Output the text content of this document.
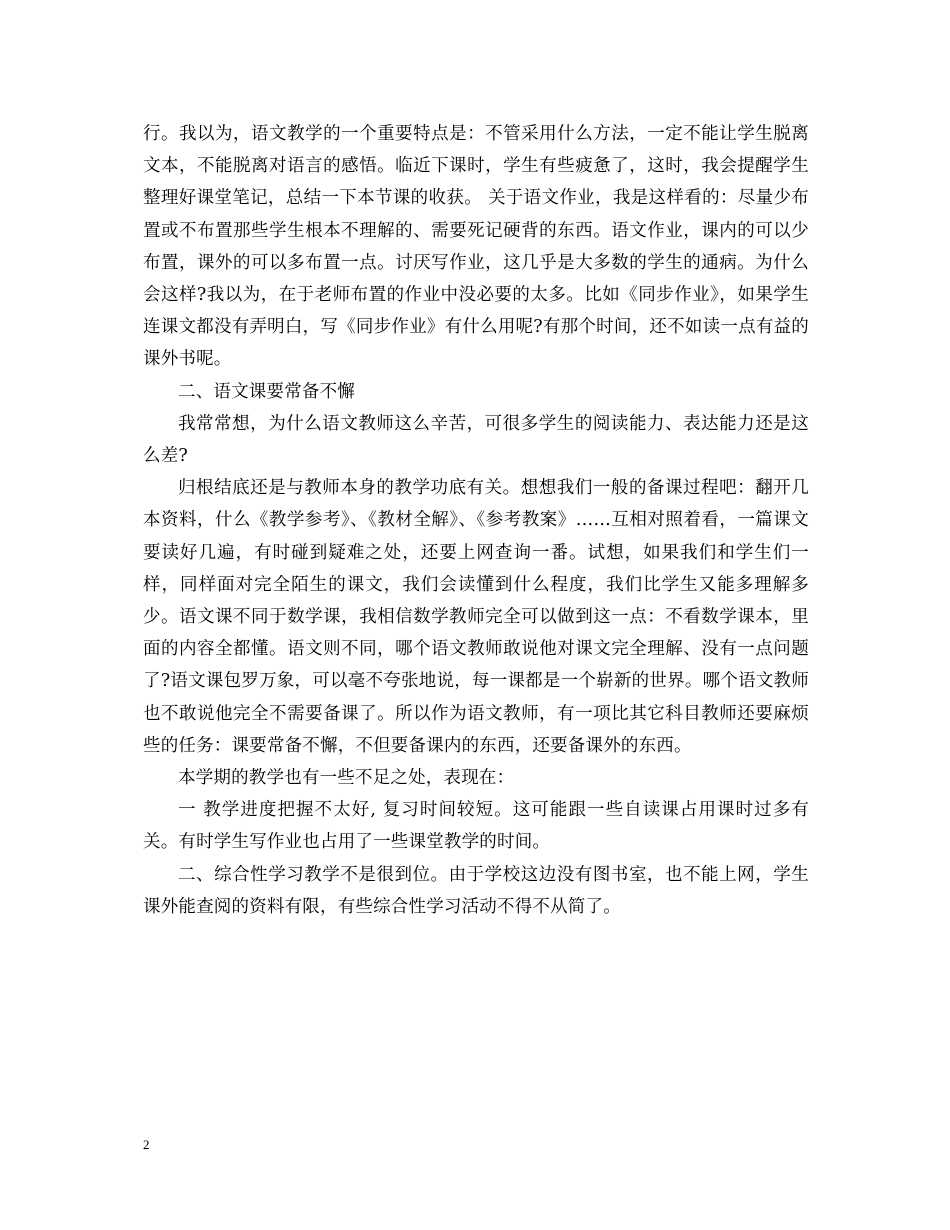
行。我以为，语文教学的一个重要特点是：不管采用什么方法，一定不能让学生脱离文本，不能脱离对语言的感悟。临近下课时，学生有些疲惫了，这时，我会提醒学生整理好课堂笔记，总结一下本节课的收获。 关于语文作业，我是这样看的：尽量少布置或不布置那些学生根本不理解的、需要死记硬背的东西。语文作业，课内的可以少布置，课外的可以多布置一点。讨厌写作业，这几乎是大多数的学生的通病。为什么会这样?我以为，在于老师布置的作业中没必要的太多。比如《同步作业》，如果学生连课文都没有弄明白，写《同步作业》有什么用呢?有那个时间，还不如读一点有益的课外书呢。

二、语文课要常备不懈

我常常想，为什么语文教师这么辛苦，可很多学生的阅读能力、表达能力还是这么差?

归根结底还是与教师本身的教学功底有关。想想我们一般的备课过程吧：翻开几本资料，什么《教学参考》、《教材全解》、《参考教案》……互相对照着看，一篇课文要读好几遍，有时碰到疑难之处，还要上网查询一番。试想，如果我们和学生们一样，同样面对完全陌生的课文，我们会读懂到什么程度，我们比学生又能多理解多少。语文课不同于数学课，我相信数学教师完全可以做到这一点：不看数学课本，里面的内容全都懂。语文则不同，哪个语文教师敢说他对课文完全理解、没有一点问题了?语文课包罗万象，可以毫不夸张地说，每一课都是一个崭新的世界。哪个语文教师也不敢说他完全不需要备课了。所以作为语文教师，有一项比其它科目教师还要麻烦些的任务：课要常备不懈，不但要备课内的东西，还要备课外的东西。

本学期的教学也有一些不足之处，表现在：

一 教学进度把握不太好, 复习时间较短。这可能跟一些自读课占用课时过多有关。有时学生写作业也占用了一些课堂教学的时间。

二、综合性学习教学不是很到位。由于学校这边没有图书室，也不能上网，学生课外能查阅的资料有限，有些综合性学习活动不得不从简了。

2
